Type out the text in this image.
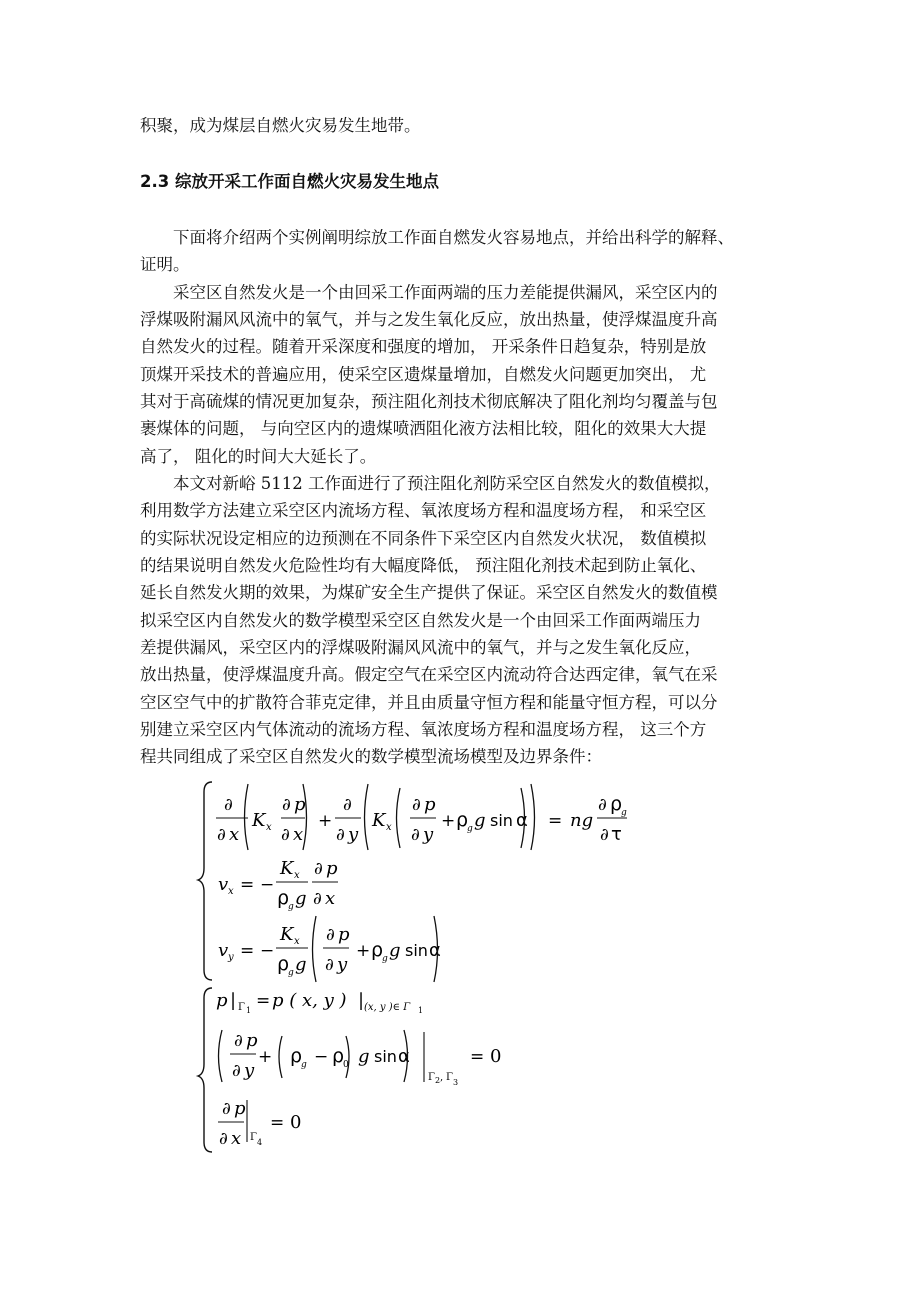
积聚，成为煤层自燃火灾易发生地带。
2.3 综放开采工作面自燃火灾易发生地点
下面将介绍两个实例阐明综放工作面自燃发火容易地点，并给出科学的解释、
证明。
采空区自然发火是一个由回采工作面两端的压力差能提供漏风，采空区内的
浮煤吸附漏风风流中的氧气，并与之发生氧化反应，放出热量，使浮煤温度升高
自然发火的过程。随着开采深度和强度的增加， 开采条件日趋复杂，特别是放
顶煤开采技术的普遍应用，使采空区遗煤量增加，自燃发火问题更加突出， 尤
其对于高硫煤的情况更加复杂，预注阻化剂技术彻底解决了阻化剂均匀覆盖与包
裹煤体的问题， 与向空区内的遗煤喷洒阻化液方法相比较，阻化的效果大大提
高了， 阻化的时间大大延长了。
本文对新峪 5112 工作面进行了预注阻化剂防采空区自然发火的数值模拟，
利用数学方法建立采空区内流场方程、氧浓度场方程和温度场方程， 和采空区
的实际状况设定相应的边预测在不同条件下采空区内自然发火状况， 数值模拟
的结果说明自然发火危险性均有大幅度降低， 预注阻化剂技术起到防止氧化、
延长自然发火期的效果，为煤矿安全生产提供了保证。采空区自然发火的数值模
拟采空区内自然发火的数学模型采空区自然发火是一个由回采工作面两端压力
差提供漏风，采空区内的浮煤吸附漏风风流中的氧气，并与之发生氧化反应，
放出热量，使浮煤温度升高。假定空气在采空区内流动符合达西定律，氧气在采
空区空气中的扩散符合菲克定律，并且由质量守恒方程和能量守恒方程，可以分
别建立采空区内气体流动的流场方程、氧浓度场方程和温度场方程， 这三个方
程共同组成了采空区自然发火的数学模型流场模型及边界条件：
∂
∂ x
K x
∂ p
∂ x
+
∂
∂ y
K x
∂ p
∂ y
+ ρ
g g sin α = ng
∂ ρ
g
∂ τ
v x = −
K x
ρ
g g
∂ p
∂ x
v y = −
K x
ρ
g g
∂ p
∂ y
+ ρ
g g sin α
p | Γ 1 = p ( x, y ) | (x, y )∈ Γ 1
∂ p
∂ y
+ ρ
g − ρ
0 g sin α
Γ 2 , Γ 3
= 0
∂ p
∂ x Γ 4
= 0
